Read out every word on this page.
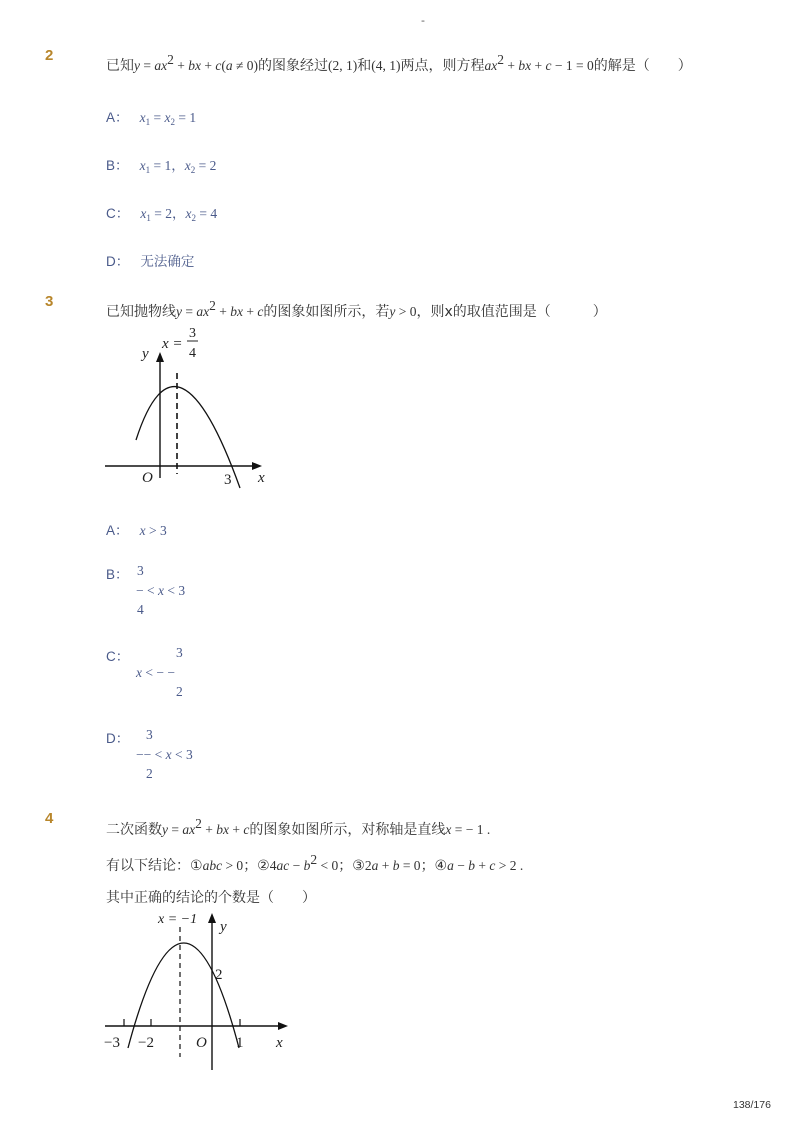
-
2
已知$y = ax^2$ + bx + c(a ≠ 0)的图象经过(2, 1)和(4, 1)两点，则方程$ax^2$ + bx + c − 1 = 0的解是（　　）
A： $x_1 = x_2 = 1$
B： $x_1 = 1$，$x_2 = 2$
C： $x_1 = 2$，$x_2 = 4$
D： 无法确定
3
已知抛物线$y = ax^2$ + bx + c的图象如图所示，若y > 0，则x的取值范围是（　　　）
x =
3
4
y
x
O	3
A： x > 3
B： 3
− < x < 3
4
C：	3
x < − −
2
D： 3
−− < x < 3
2
4
二次函数$y = ax^2$ + bx + c的图象如图所示，对称轴是直线x = − 1 .
有以下结论：①abc > 0；②4ac − $b^2 < 0$；③2a + b = 0；④a − b + c > 2 .
其中正确的结论的个数是（　　）
x = −1 y
x
−3 −2	1
O
2
138/176
